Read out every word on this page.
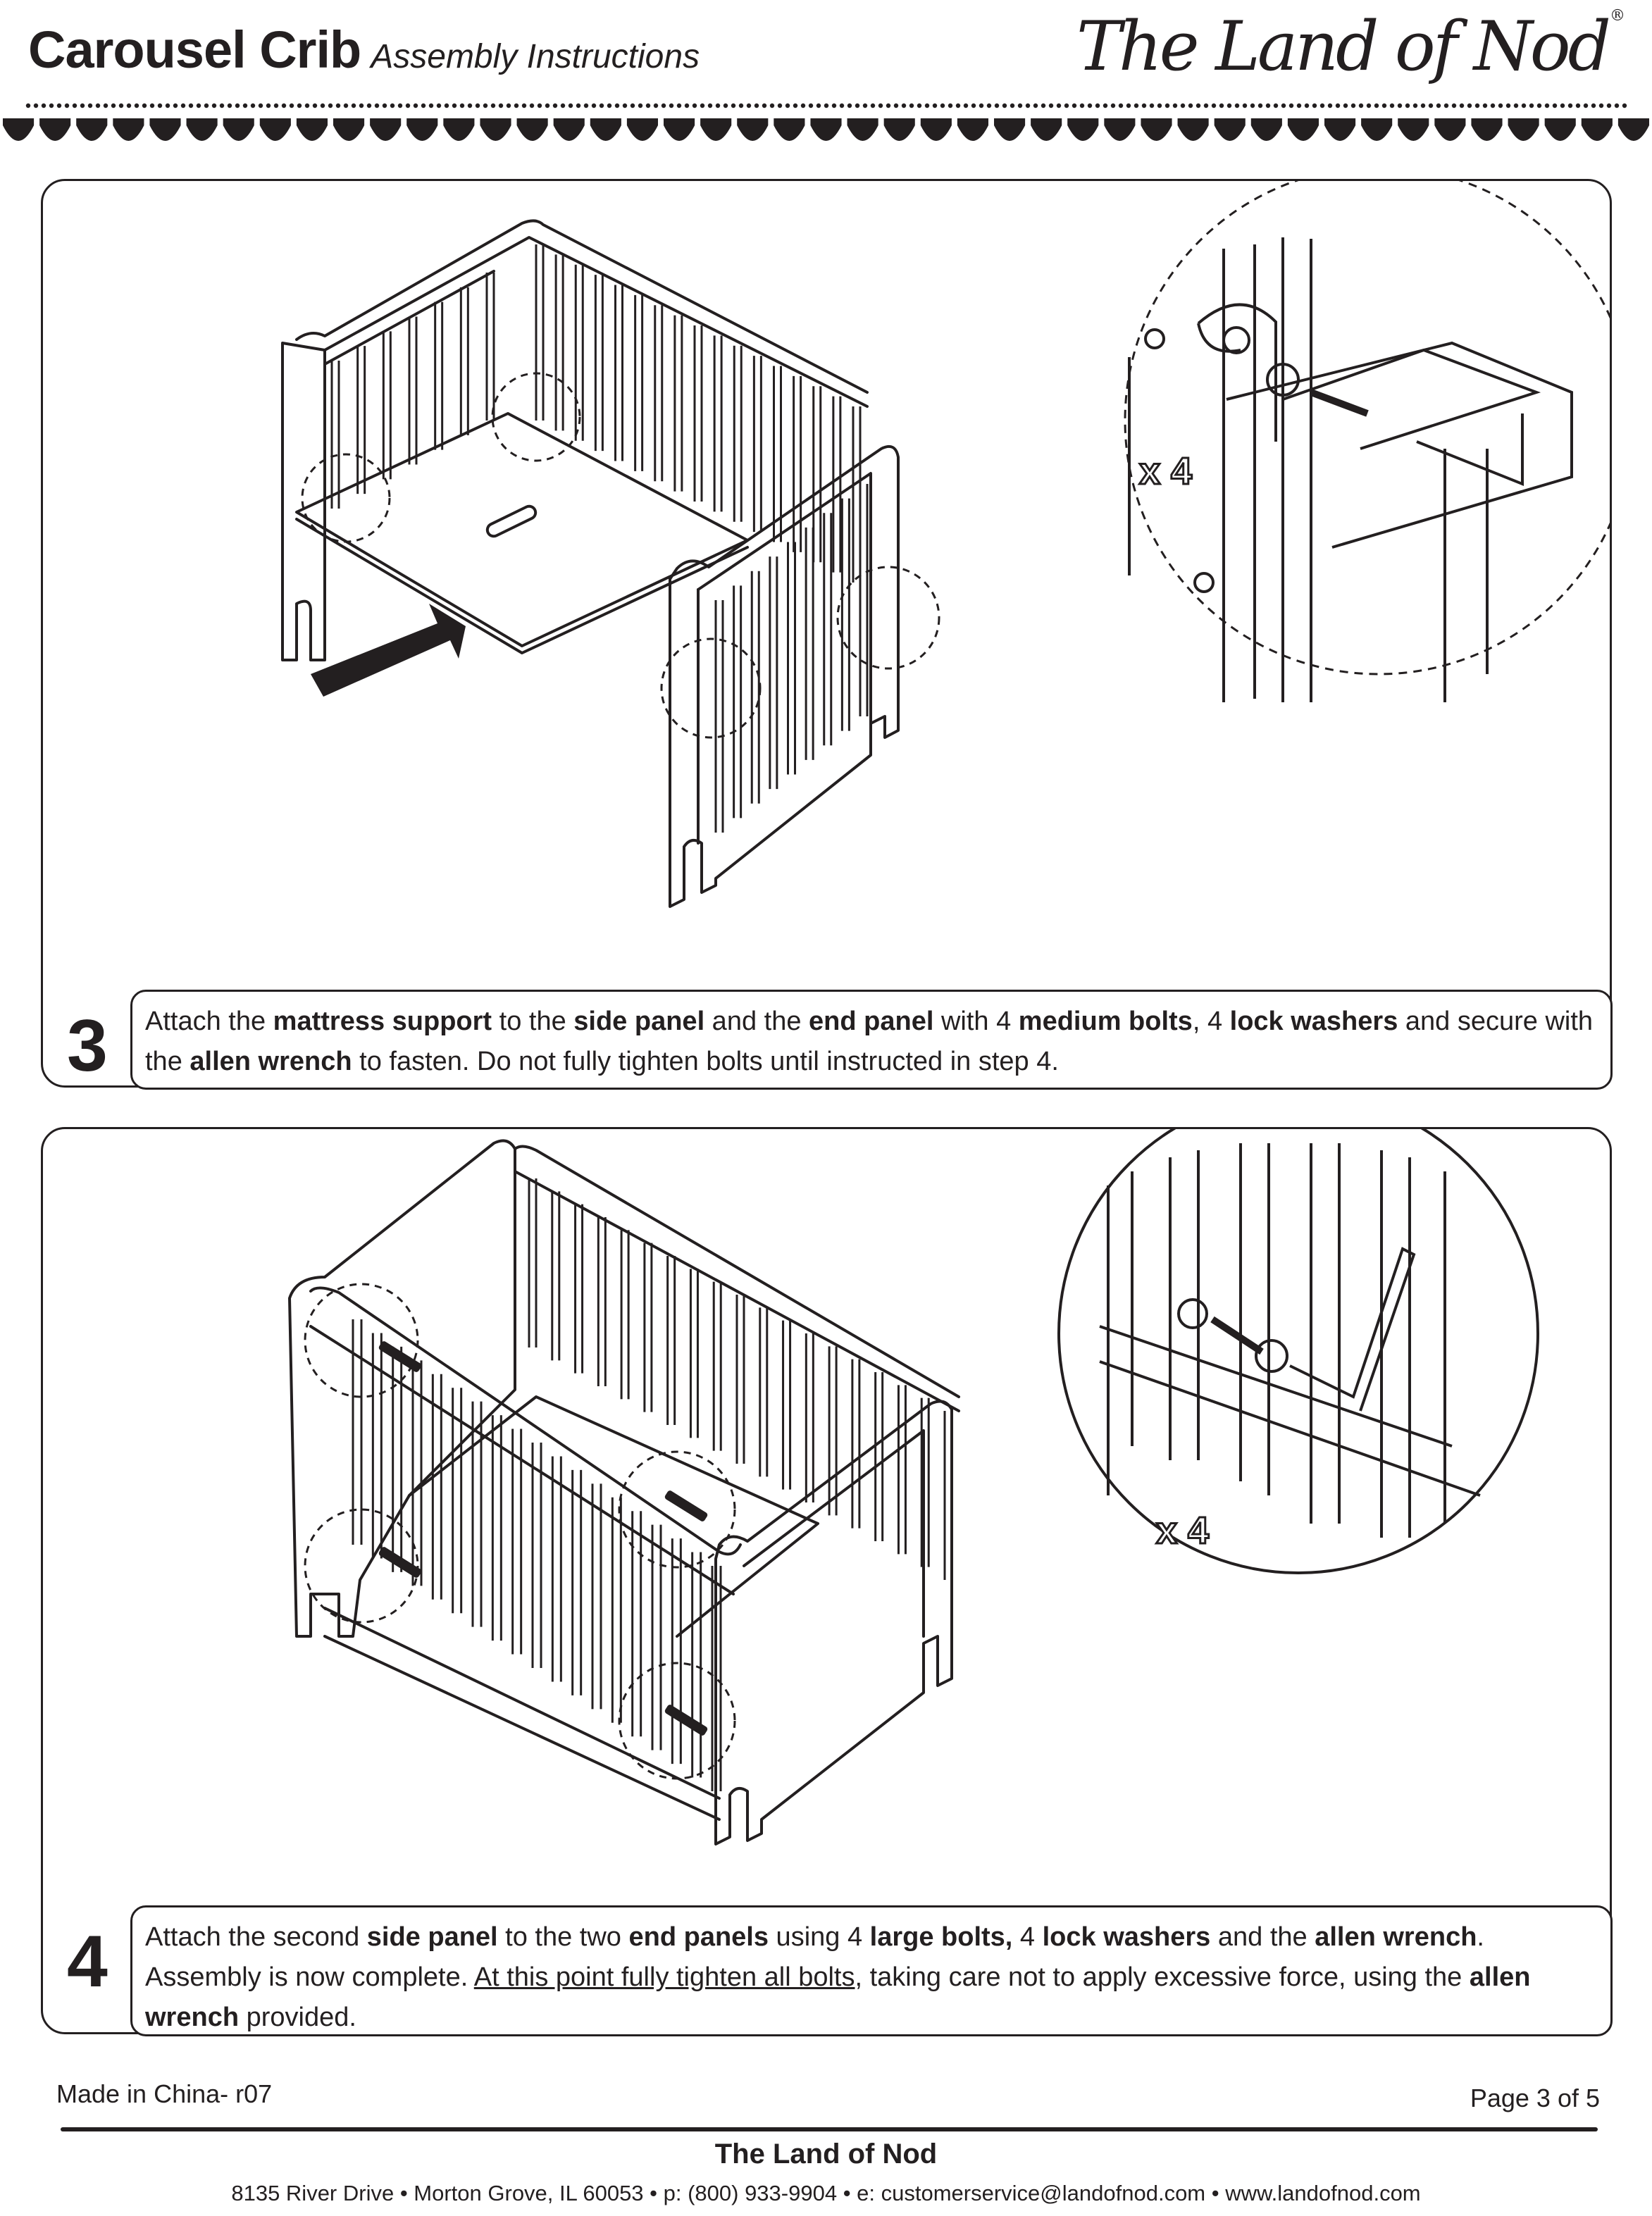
Carousel Crib Assembly Instructions	The Land of Nod®
x 4
3	Attach the mattress support to the side panel and the end panel with 4 medium bolts, 4 lock washers and secure with the allen wrench to fasten. Do not fully tighten bolts until instructed in step 4.
x 4
4	Attach the second side panel to the two end panels using 4 large bolts, 4 lock washers and the allen wrench. Assembly is now complete. At this point fully tighten all bolts, taking care not to apply excessive force, using the allen wrench provided.
Made in China- r07	Page 3 of 5
The Land of Nod
8135 River Drive • Morton Grove, IL 60053 • p: (800) 933-9904 • e: customerservice@landofnod.com • www.landofnod.com
